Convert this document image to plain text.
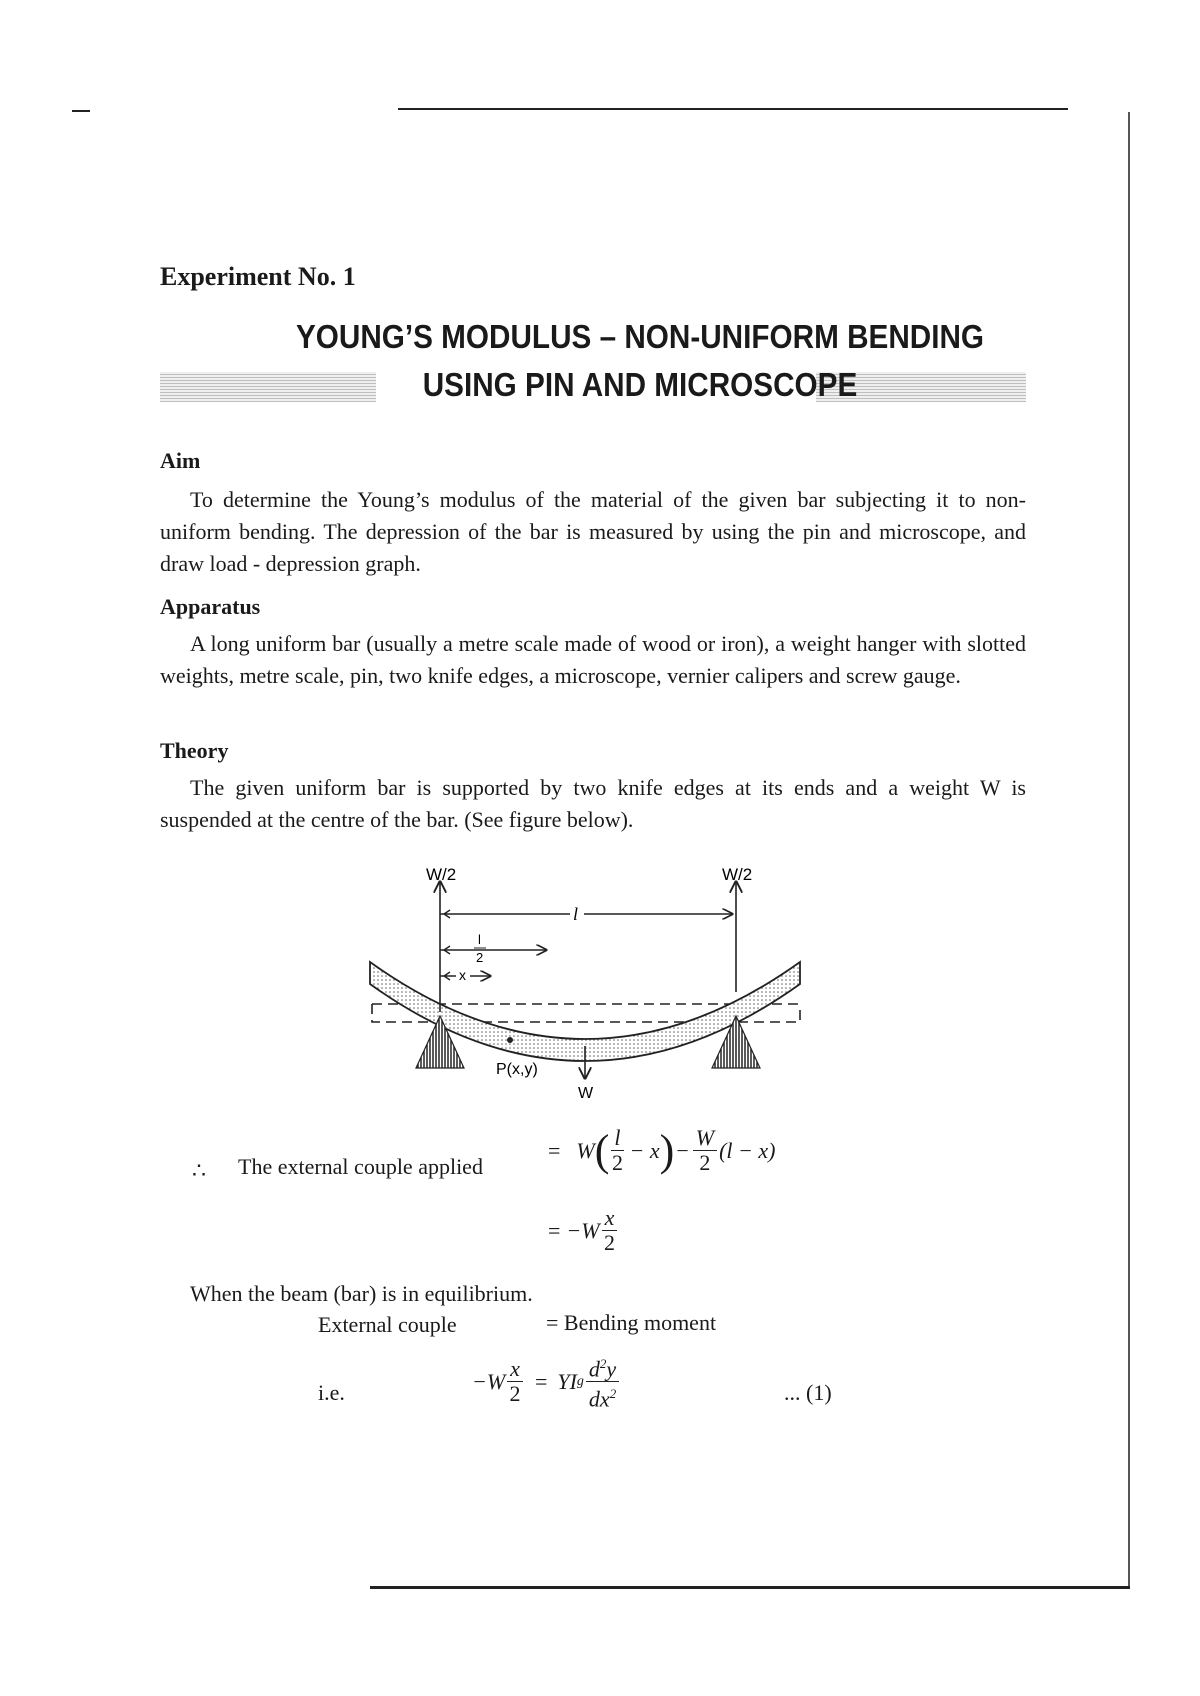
Experiment No. 1
YOUNG’S MODULUS – NON-UNIFORM BENDING
USING PIN AND MICROSCOPE
Aim
To determine the Young’s modulus of the material of the given bar subjecting it to non-uniform bending. The depression of the bar is measured by using the pin and microscope, and draw load - depression graph.
Apparatus
A long uniform bar (usually a metre scale made of wood or iron), a weight hanger with slotted weights, metre scale, pin, two knife edges, a microscope, vernier calipers and screw gauge.
Theory
The given uniform bar is supported by two knife edges at its ends and a weight W is suspended at the centre of the bar. (See figure below).
W/2	W/2
l
l
2
x
P(x,y)
W
∴ The external couple applied
= W ( $\frac{l}{2} - x$ ) − $\frac{W}{2} (l - x)$
= $-W \frac{x}{2}$
When the beam (bar) is in equilibrium.
External couple	= Bending moment
i.e.	$-W \frac{x}{2}$ = YI g $\frac{d^2y}{dx^2}$	... (1)
